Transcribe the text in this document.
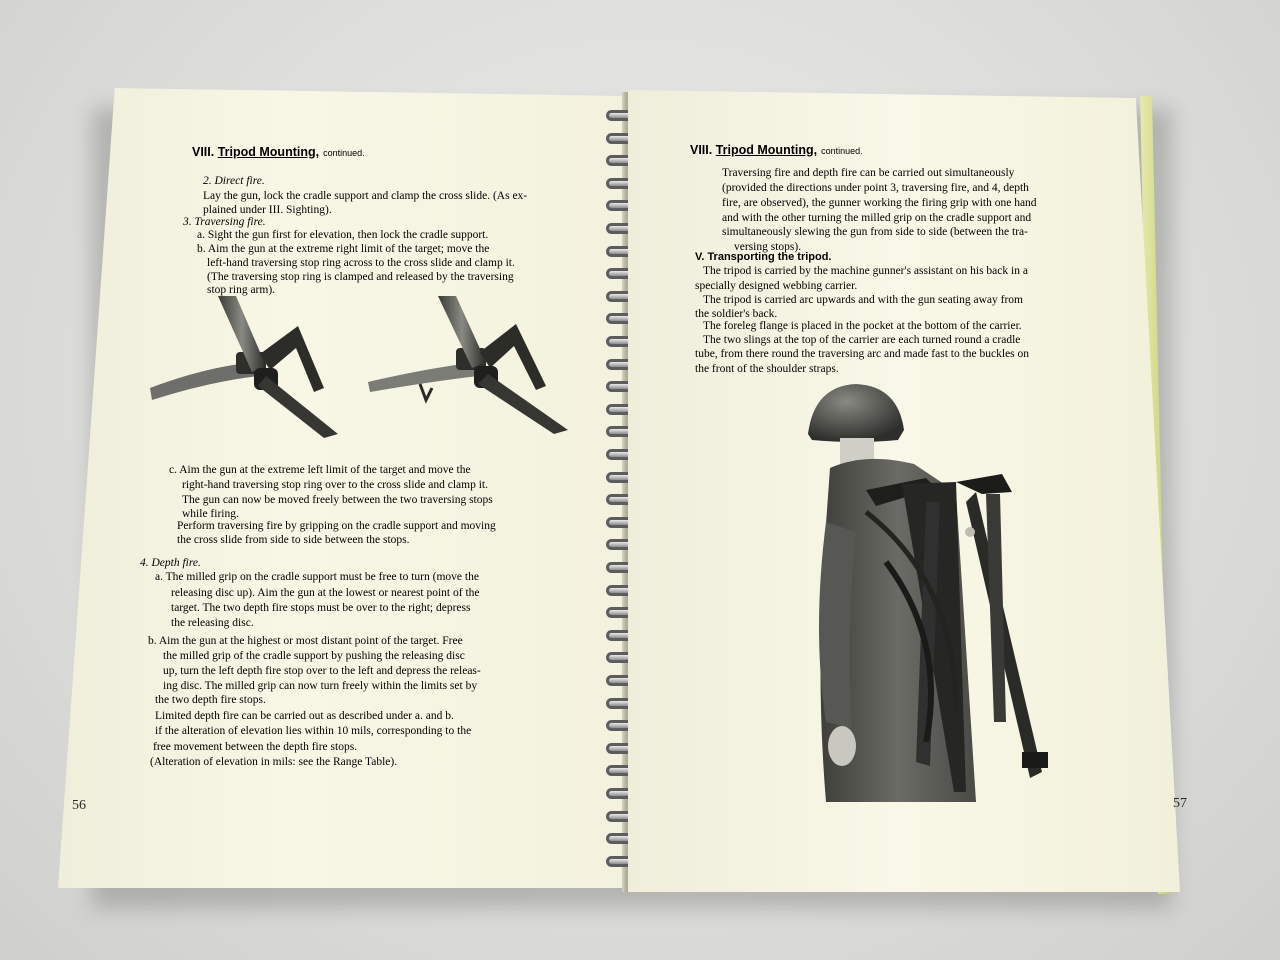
VIII. Tripod Mounting, continued.
2. Direct fire.
Lay the gun, lock the cradle support and clamp the cross slide. (As ex-
plained under III. Sighting).
3. Traversing fire.
a. Sight the gun first for elevation, then lock the cradle support.
b. Aim the gun at the extreme right limit of the target; move the
left-hand traversing stop ring across to the cross slide and clamp it.
(The traversing stop ring is clamped and released by the traversing
stop ring arm).
c. Aim the gun at the extreme left limit of the target and move the
right-hand traversing stop ring over to the cross slide and clamp it.
The gun can now be moved freely between the two traversing stops
while firing.
Perform traversing fire by gripping on the cradle support and moving
the cross slide from side to side between the stops.
4. Depth fire.
a. The milled grip on the cradle support must be free to turn (move the
releasing disc up). Aim the gun at the lowest or nearest point of the
target. The two depth fire stops must be over to the right; depress
the releasing disc.
b. Aim the gun at the highest or most distant point of the target. Free
the milled grip of the cradle support by pushing the releasing disc
up, turn the left depth fire stop over to the left and depress the releas-
ing disc. The milled grip can now turn freely within the limits set by
the two depth fire stops.
Limited depth fire can be carried out as described under a. and b.
if the alteration of elevation lies within 10 mils, corresponding to the
free movement between the depth fire stops.
(Alteration of elevation in mils: see the Range Table).
56
VIII. Tripod Mounting, continued.
Traversing fire and depth fire can be carried out simultaneously
(provided the directions under point 3, traversing fire, and 4, depth
fire, are observed), the gunner working the firing grip with one hand
and with the other turning the milled grip on the cradle support and
simultaneously slewing the gun from side to side (between the tra-
versing stops).
V. Transporting the tripod.
The tripod is carried by the machine gunner's assistant on his back in a
specially designed webbing carrier.
The tripod is carried arc upwards and with the gun seating away from
the soldier's back.
The foreleg flange is placed in the pocket at the bottom of the carrier.
The two slings at the top of the carrier are each turned round a cradle
tube, from there round the traversing arc and made fast to the buckles on
the front of the shoulder straps.
57
